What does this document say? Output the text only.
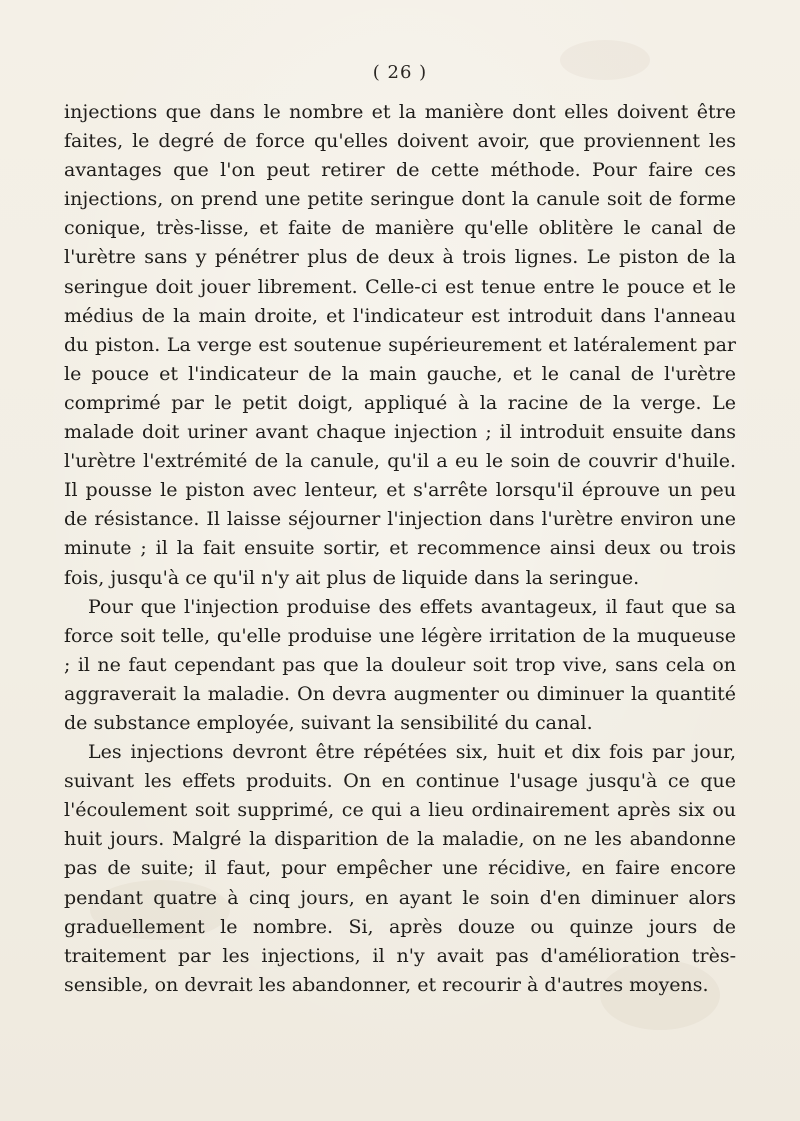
( 26 )

injections que dans le nombre et la manière dont elles doivent être faites, le degré de force qu'elles doivent avoir, que proviennent les avantages que l'on peut retirer de cette méthode. Pour faire ces injections, on prend une petite seringue dont la canule soit de forme conique, très-lisse, et faite de manière qu'elle oblitère le canal de l'urètre sans y pénétrer plus de deux à trois lignes. Le piston de la seringue doit jouer librement. Celle-ci est tenue entre le pouce et le médius de la main droite, et l'indicateur est introduit dans l'anneau du piston. La verge est soutenue supérieurement et latéralement par le pouce et l'indicateur de la main gauche, et le canal de l'urètre comprimé par le petit doigt, appliqué à la racine de la verge. Le malade doit uriner avant chaque injection ; il introduit ensuite dans l'urètre l'extrémité de la canule, qu'il a eu le soin de couvrir d'huile. Il pousse le piston avec lenteur, et s'arrête lorsqu'il éprouve un peu de résistance. Il laisse séjourner l'injection dans l'urètre environ une minute ; il la fait ensuite sortir, et recommence ainsi deux ou trois fois, jusqu'à ce qu'il n'y ait plus de liquide dans la seringue.

Pour que l'injection produise des effets avantageux, il faut que sa force soit telle, qu'elle produise une légère irritation de la muqueuse ; il ne faut cependant pas que la douleur soit trop vive, sans cela on aggraverait la maladie. On devra augmenter ou diminuer la quantité de substance employée, suivant la sensibilité du canal.

Les injections devront être répétées six, huit et dix fois par jour, suivant les effets produits. On en continue l'usage jusqu'à ce que l'écoulement soit supprimé, ce qui a lieu ordinairement après six ou huit jours. Malgré la disparition de la maladie, on ne les abandonne pas de suite; il faut, pour empêcher une récidive, en faire encore pendant quatre à cinq jours, en ayant le soin d'en diminuer alors graduellement le nombre. Si, après douze ou quinze jours de traitement par les injections, il n'y avait pas d'amélioration très-sensible, on devrait les abandonner, et recourir à d'autres moyens.
